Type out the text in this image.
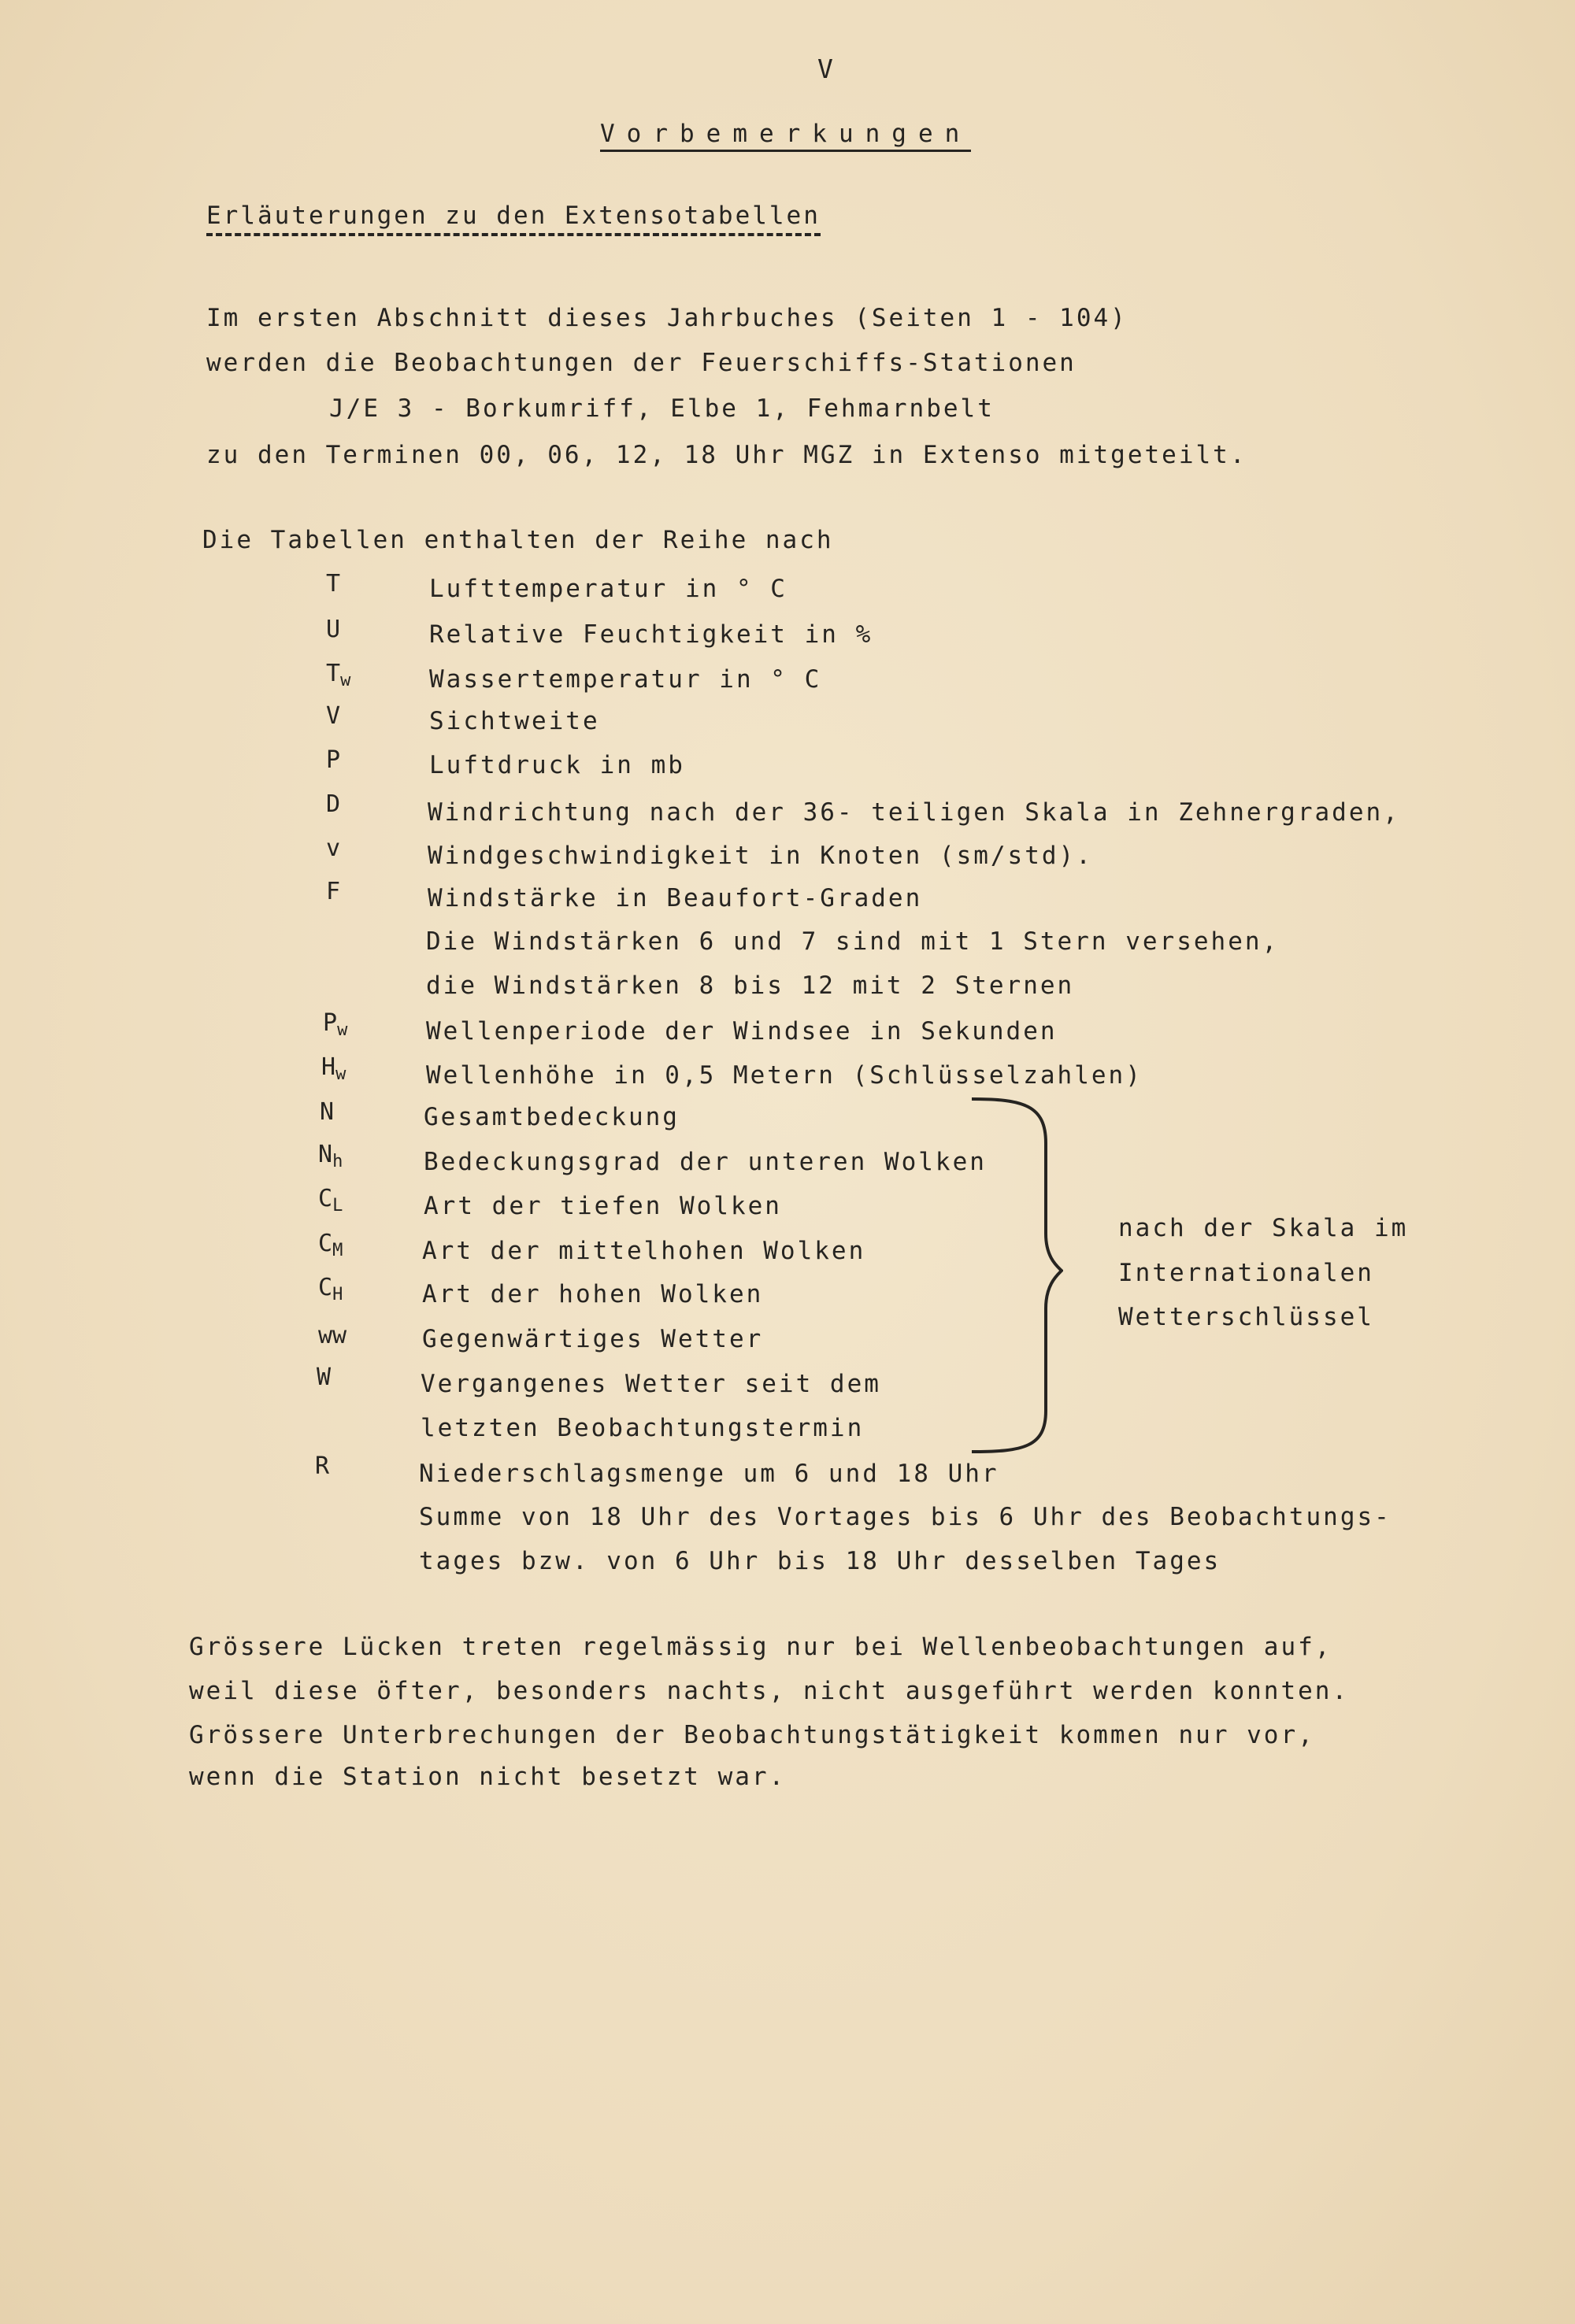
V
Vorbemerkungen
Erläuterungen zu den Extensotabellen
Im ersten Abschnitt dieses Jahrbuches (Seiten 1 - 104)
werden die Beobachtungen der Feuerschiffs-Stationen
J/E 3 - Borkumriff, Elbe 1, Fehmarnbelt
zu den Terminen 00, 06, 12, 18 Uhr MGZ in Extenso mitgeteilt.
Die Tabellen enthalten der Reihe nach
T	Lufttemperatur in ° C
U	Relative Feuchtigkeit in %
$T_w$	Wassertemperatur in ° C
V	Sichtweite
P	Luftdruck in mb
D	Windrichtung nach der 36- teiligen Skala in Zehnergraden,
v	Windgeschwindigkeit in Knoten (sm/std).
F	Windstärke in Beaufort-Graden
Die Windstärken 6 und 7 sind mit 1 Stern versehen,
die Windstärken 8 bis 12 mit 2 Sternen
$P_w$	Wellenperiode der Windsee in Sekunden
$H_w$	Wellenhöhe in 0,5 Metern (Schlüsselzahlen)
N	Gesamtbedeckung
$N_h$	Bedeckungsgrad der unteren Wolken
$C_L$	Art der tiefen Wolken
$C_M$	Art der mittelhohen Wolken
$C_H$	Art der hohen Wolken
ww	Gegenwärtiges Wetter
W	Vergangenes Wetter seit dem
letzten Beobachtungstermin
R	Niederschlagsmenge um 6 und 18 Uhr
Summe von 18 Uhr des Vortages bis 6 Uhr des Beobachtungs-
tages bzw. von 6 Uhr bis 18 Uhr desselben Tages
nach der Skala im
Internationalen
Wetterschlüssel
Grössere Lücken treten regelmässig nur bei Wellenbeobachtungen auf,
weil diese öfter, besonders nachts, nicht ausgeführt werden konnten.
Grössere Unterbrechungen der Beobachtungstätigkeit kommen nur vor,
wenn die Station nicht besetzt war.
